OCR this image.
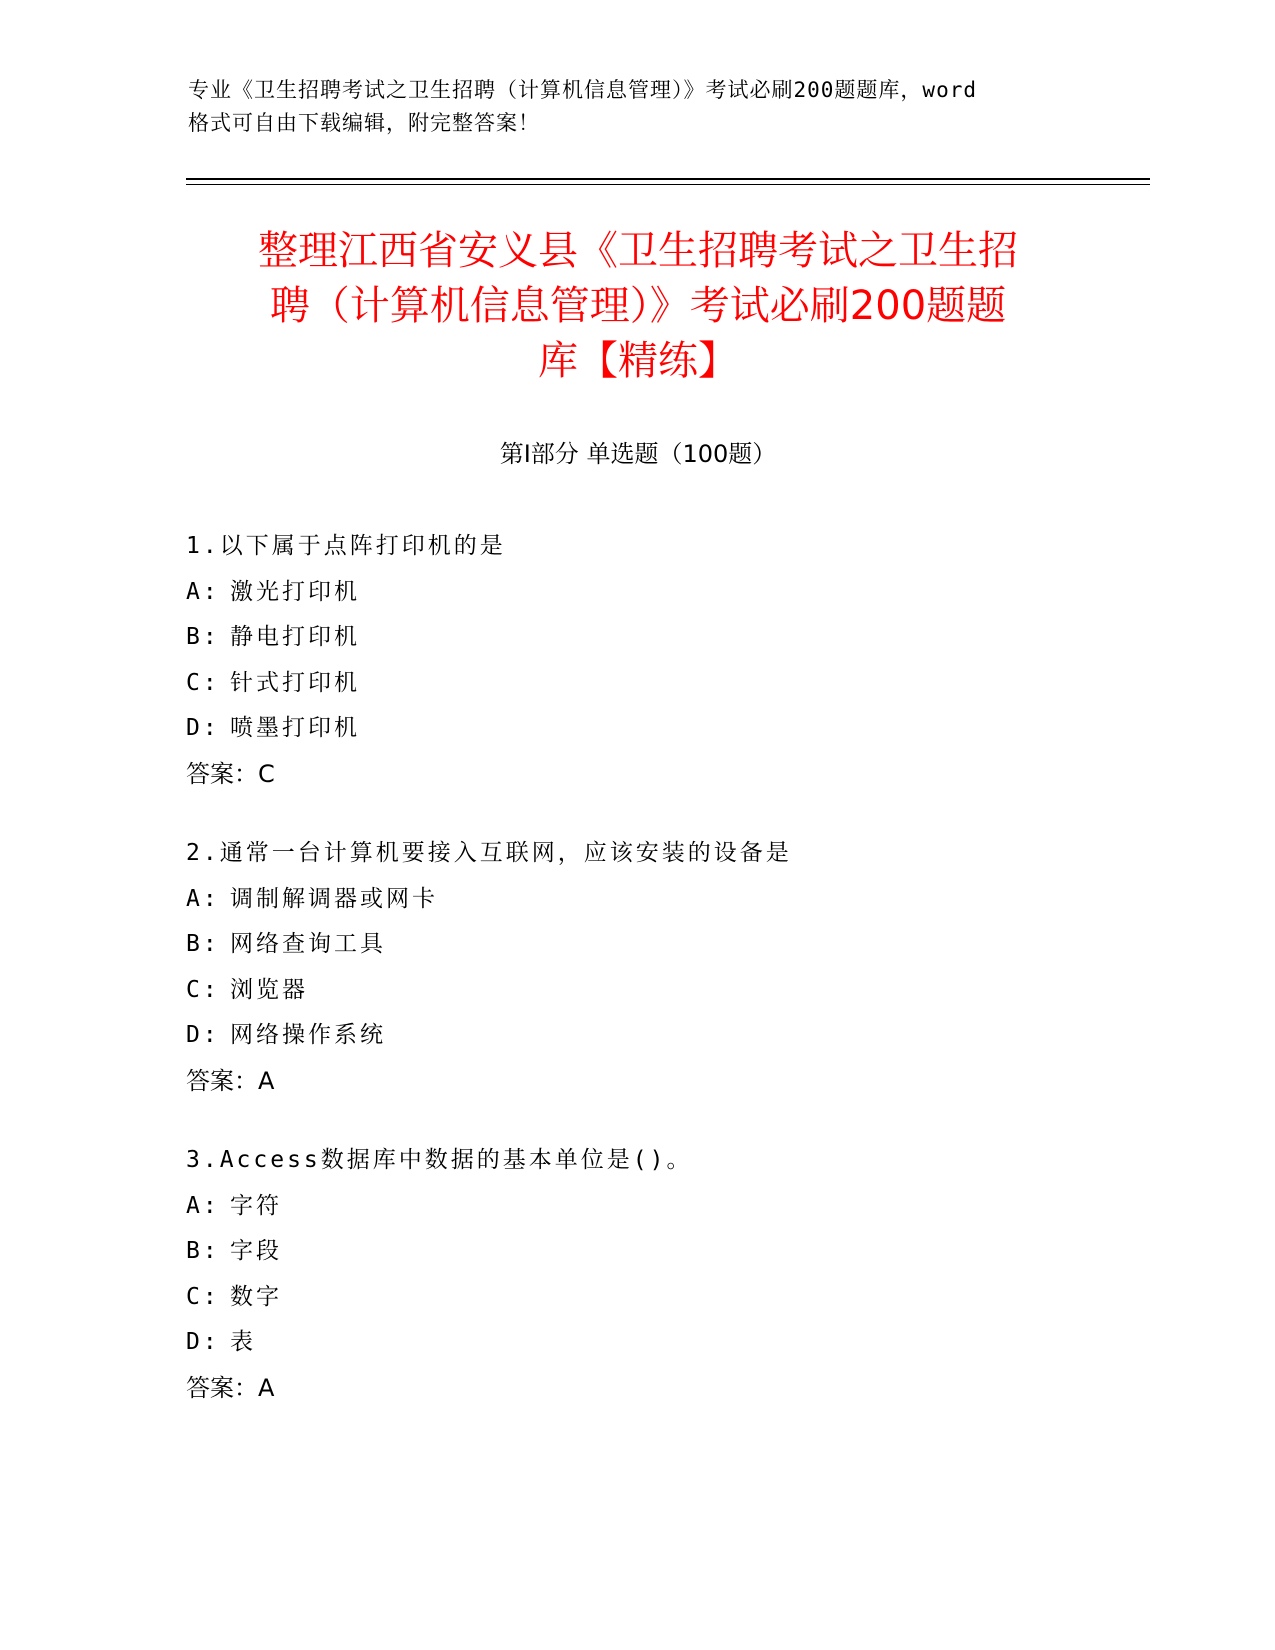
专业《卫生招聘考试之卫生招聘（计算机信息管理）》考试必刷200题题库，word
格式可自由下载编辑，附完整答案！
整理江西省安义县《卫生招聘考试之卫生招
聘（计算机信息管理）》考试必刷200题题
库【精练】
第Ⅰ部分 单选题（100题）
1.以下属于点阵打印机的是
A: 激光打印机
B: 静电打印机
C: 针式打印机
D: 喷墨打印机
答案：C
2.通常一台计算机要接入互联网，应该安装的设备是
A: 调制解调器或网卡
B: 网络查询工具
C: 浏览器
D: 网络操作系统
答案：A
3.Access数据库中数据的基本单位是()。
A: 字符
B: 字段
C: 数字
D: 表
答案：A
